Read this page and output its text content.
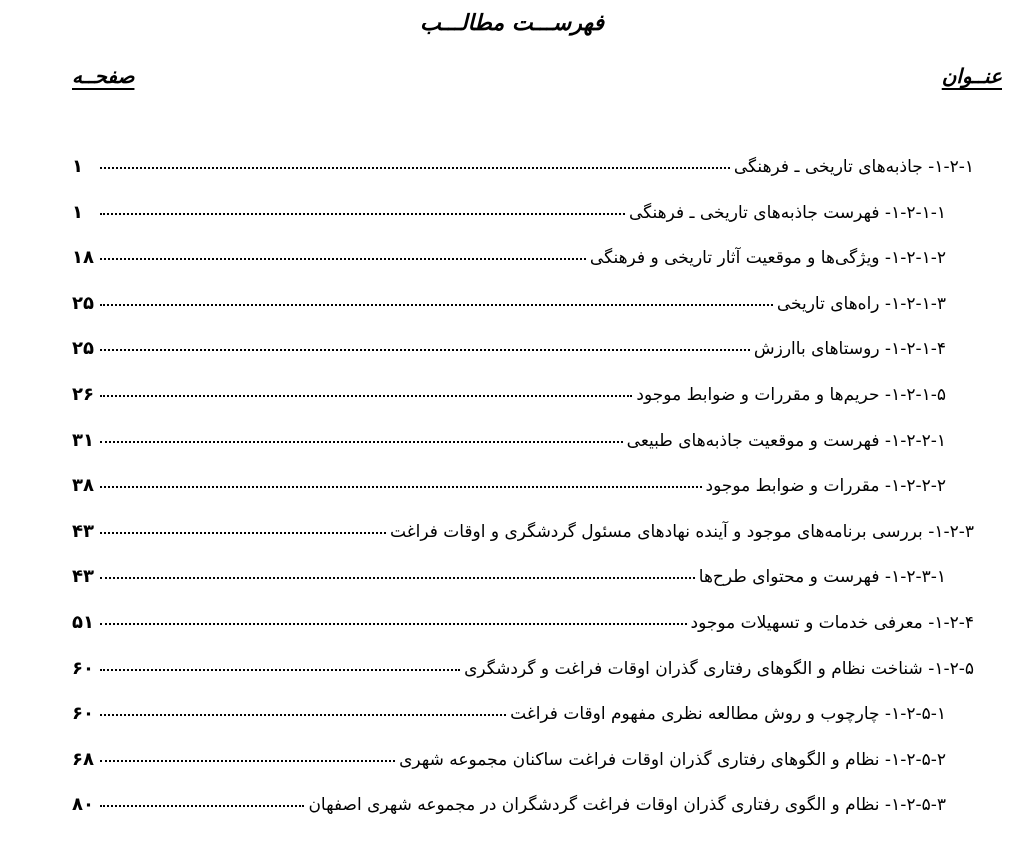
فهرســـت مطالـــب
عنــوان
صفحــه
۱-۲-۱- جاذبه‌های تاریخی ـ فرهنگی
۱
۱-۲-۱-۱- فهرست جاذبه‌های تاریخی ـ فرهنگی
۱
۱-۲-۱-۲- ویژگی‌ها و موقعیت آثار تاریخی و فرهنگی
۱۸
۱-۲-۱-۳- راه‌های تاریخی
۲۵
۱-۲-۱-۴- روستاهای باارزش
۲۵
۱-۲-۱-۵- حریم‌ها و مقررات و ضوابط موجود
۲۶
۱-۲-۲-۱- فهرست و موقعیت جاذبه‌های طبیعی
۳۱
۱-۲-۲-۲- مقررات و ضوابط موجود
۳۸
۱-۲-۳- بررسی برنامه‌های موجود و آینده نهادهای مسئول گردشگری و اوقات فراغت
۴۳
۱-۲-۳-۱- فهرست و محتوای طرح‌ها
۴۳
۱-۲-۴- معرفی خدمات و تسهیلات موجود
۵۱
۱-۲-۵- شناخت نظام و الگوهای رفتاری گذران اوقات فراغت و گردشگری
۶۰
۱-۲-۵-۱- چارچوب و روش مطالعه نظری مفهوم اوقات فراغت
۶۰
۱-۲-۵-۲- نظام و الگوهای رفتاری گذران اوقات فراغت ساکنان مجموعه شهری
۶۸
۱-۲-۵-۳- نظام و الگوی رفتاری گذران اوقات فراغت گردشگران در مجموعه شهری اصفهان
۸۰
